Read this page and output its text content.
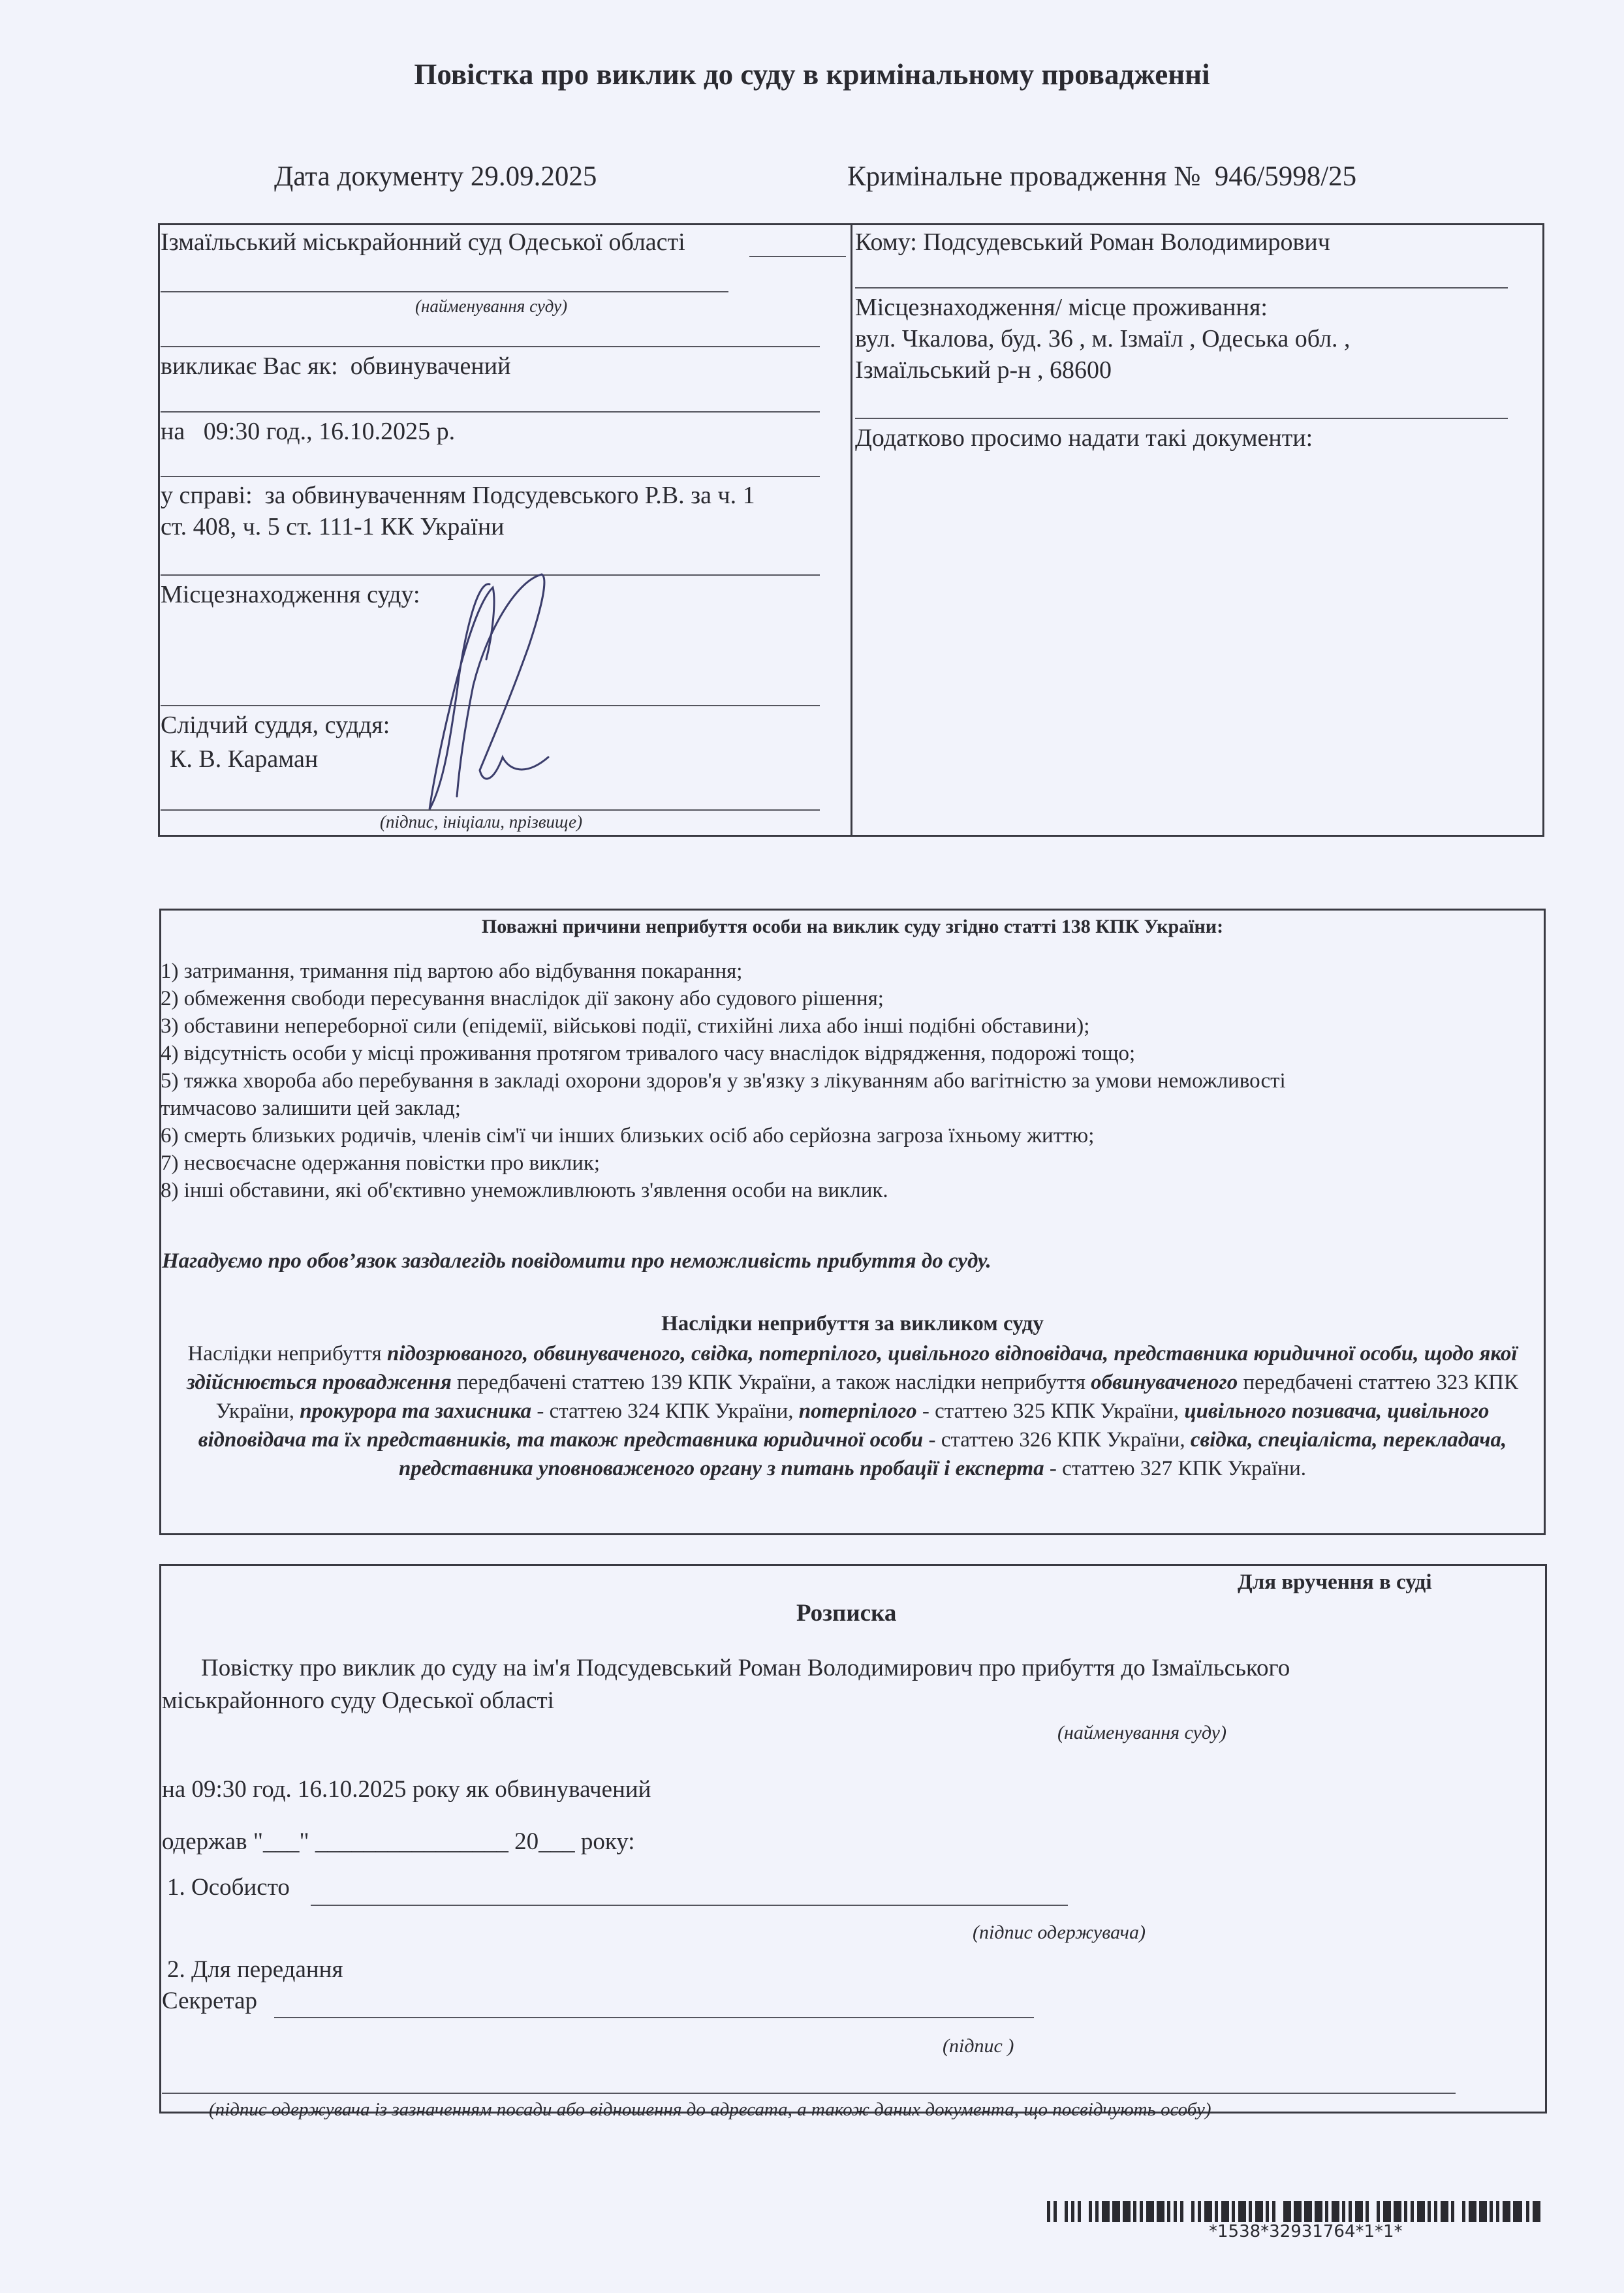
Повістка про виклик до суду в кримінальному провадженні
Дата документу 29.09.2025	Кримінальне провадження № 946/5998/25
Ізмаїльський міськрайонний суд Одеської області
(найменування суду)
викликає Вас як: обвинувачений
на 09:30 год., 16.10.2025 р.
у справі: за обвинуваченням Подсудевського Р.В. за ч. 1
ст. 408, ч. 5 ст. 111-1 КК України
Місцезнаходження суду:
Слідчий суддя, суддя:
К. В. Караман
(підпис, ініціали, прізвище)
Кому: Подсудевський Роман Володимирович
Місцезнаходження/ місце проживання:
вул. Чкалова, буд. 36 , м. Ізмаїл , Одеська обл. ,
Ізмаїльський р-н , 68600
Додатково просимо надати такі документи:
Поважні причини неприбуття особи на виклик суду згідно статті 138 КПК України:
1) затримання, тримання під вартою або відбування покарання;
2) обмеження свободи пересування внаслідок дії закону або судового рішення;
3) обставини непереборної сили (епідемії, військові події, стихійні лиха або інші подібні обставини);
4) відсутність особи у місці проживання протягом тривалого часу внаслідок відрядження, подорожі тощо;
5) тяжка хвороба або перебування в закладі охорони здоров'я у зв'язку з лікуванням або вагітністю за умови неможливості
тимчасово залишити цей заклад;
6) смерть близьких родичів, членів сім'ї чи інших близьких осіб або серйозна загроза їхньому життю;
7) несвоєчасне одержання повістки про виклик;
8) інші обставини, які об'єктивно унеможливлюють з'явлення особи на виклик.
Нагадуємо про обов’язок заздалегідь повідомити про неможливість прибуття до суду.
Наслідки неприбуття за викликом суду
Наслідки неприбуття підозрюваного, обвинуваченого, свідка, потерпілого, цивільного відповідача, представника юридичної особи, щодо якої здійснюється провадження передбачені статтею 139 КПК України, а також наслідки неприбуття обвинуваченого передбачені статтею 323 КПК України, прокурора та захисника - статтею 324 КПК України, потерпілого - статтею 325 КПК України, цивільного позивача, цивільного відповідача та їх представників, та також представника юридичної особи - статтею 326 КПК України, свідка, спеціаліста, перекладача, представника уповноваженого органу з питань пробації і експерта - статтею 327 КПК України.
Для вручення в суді
Розписка
Повістку про виклик до суду на ім'я Подсудевський Роман Володимирович про прибуття до Ізмаїльського
міськрайонного суду Одеської області
(найменування суду)
на 09:30 год. 16.10.2025 року як обвинувачений
одержав "___" ________________ 20___ року:
1. Особисто
(підпис одержувача)
2. Для передання
Секретар
(підпис )
(підпис одержувача із зазначенням посади або відношення до адресата, а також даних документа, що посвідчують особу)
*1538*32931764*1*1*
